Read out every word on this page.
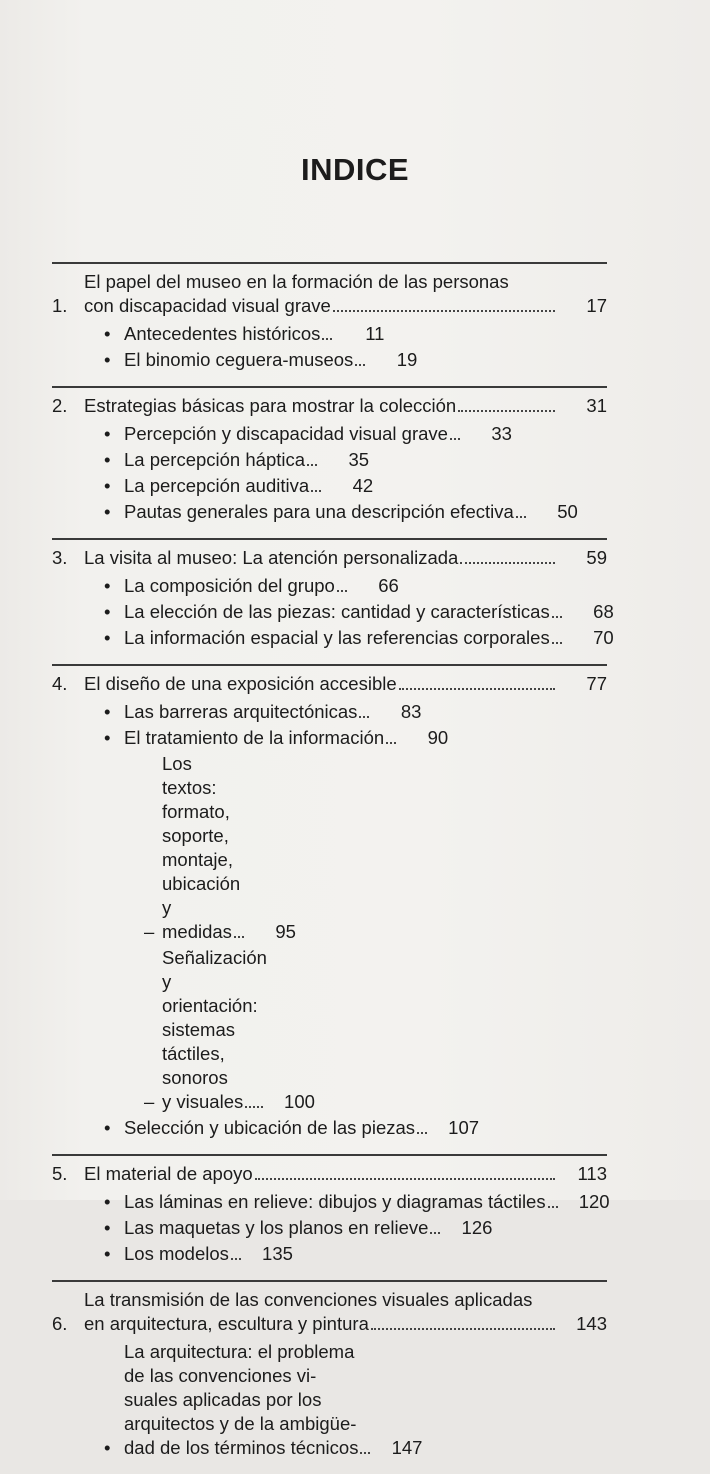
INDICE
1.
El papel del museo en la formación de las personas
con discapacidad visual grave	17
• Antecedentes históricos	11
• El binomio ceguera-museos	19
2. Estrategias básicas para mostrar la colección	31
• Percepción y discapacidad visual grave	33
• La percepción háptica	35
• La percepción auditiva	42
• Pautas generales para una descripción efectiva	50
3. La visita al museo: La atención personalizada	59
• La composición del grupo	66
• La elección de las piezas: cantidad y características	68
• La información espacial y las referencias corporales	70
4. El diseño de una exposición accesible	77
• Las barreras arquitectónicas	83
• El tratamiento de la información	90
–
Los textos: formato, soporte, montaje, ubicación y
medidas	95
–
Señalización y orientación: sistemas táctiles, sonoros
y visuales	100
• Selección y ubicación de las piezas	107
5. El material de apoyo	113
• Las láminas en relieve: dibujos y diagramas táctiles	120
• Las maquetas y los planos en relieve	126
• Los modelos	135
6.
La transmisión de las convenciones visuales aplicadas
en arquitectura, escultura y pintura	143
•
La arquitectura: el problema de las convenciones vi-
suales aplicadas por los arquitectos y de la ambigüe-
dad de los términos técnicos	147
